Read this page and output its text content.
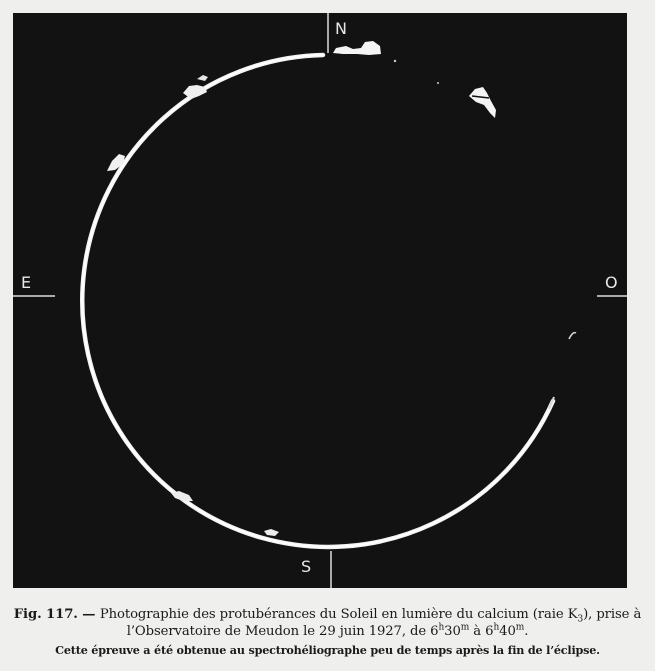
N
E	O
S
Fig. 117. — Photographie des protubérances du Soleil en lumière du calcium (raie $K_3$), prise à
l’Observatoire de Meudon le 29 juin 1927, de 6$^h$30$^m$ à 6$^h$40$^m$.
Cette épreuve a été obtenue au spectrohéliographe peu de temps après la fin de l’éclipse.
